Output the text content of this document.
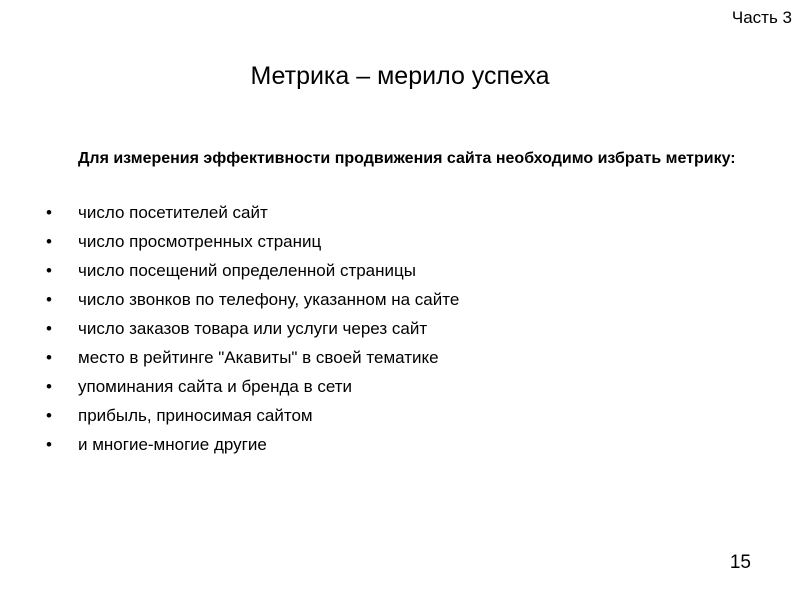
Часть 3
Метрика – мерило успеха
Для измерения эффективности продвижения сайта необходимо избрать метрику:
•	число посетителей сайт
•	число просмотренных страниц
•	число посещений определенной страницы
•	число звонков по телефону, указанном на сайте
•	число заказов товара или услуги через сайт
•	место в рейтинге "Акавиты" в своей тематике
•	упоминания сайта и бренда в сети
•	прибыль, приносимая сайтом
•	и многие-многие другие
15
